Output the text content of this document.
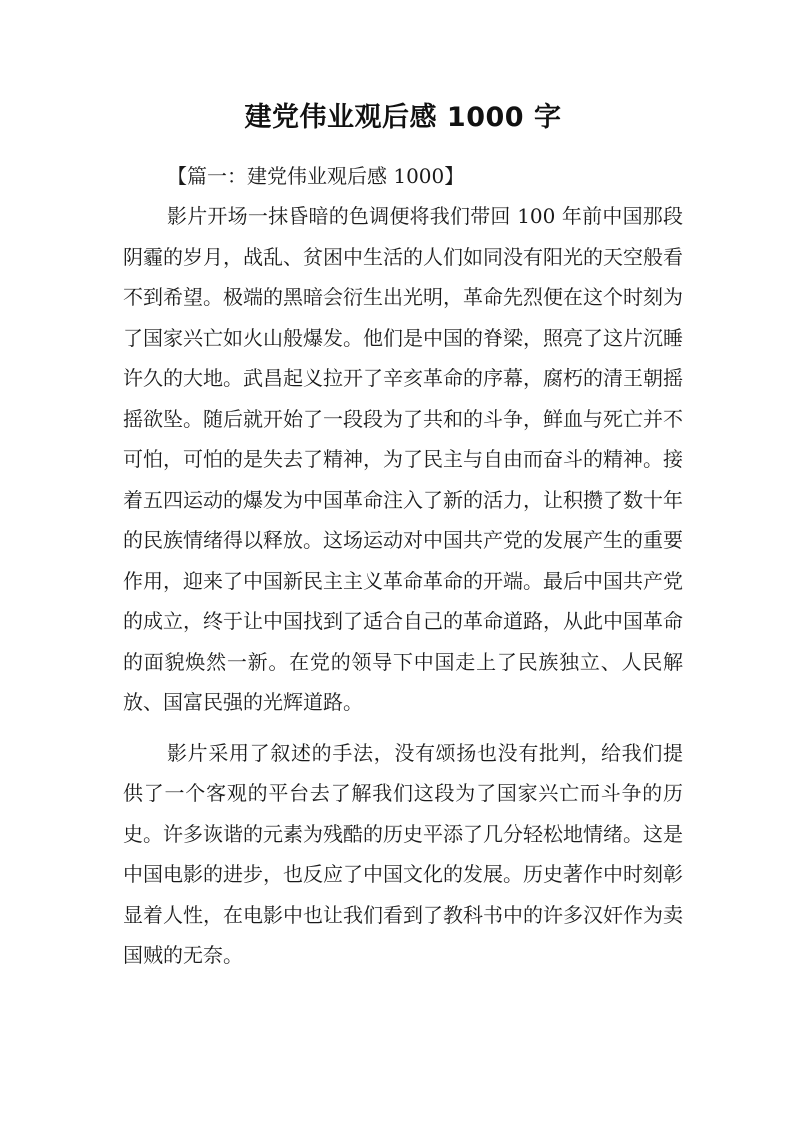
建党伟业观后感 1000 字

【篇一：建党伟业观后感 1000】

影片开场一抹昏暗的色调便将我们带回 100 年前中国那段阴霾的岁月，战乱、贫困中生活的人们如同没有阳光的天空般看不到希望。极端的黑暗会衍生出光明，革命先烈便在这个时刻为了国家兴亡如火山般爆发。他们是中国的脊梁，照亮了这片沉睡许久的大地。武昌起义拉开了辛亥革命的序幕，腐朽的清王朝摇摇欲坠。随后就开始了一段段为了共和的斗争，鲜血与死亡并不可怕，可怕的是失去了精神，为了民主与自由而奋斗的精神。接着五四运动的爆发为中国革命注入了新的活力，让积攒了数十年的民族情绪得以释放。这场运动对中国共产党的发展产生的重要作用，迎来了中国新民主主义革命革命的开端。最后中国共产党的成立，终于让中国找到了适合自己的革命道路，从此中国革命的面貌焕然一新。在党的领导下中国走上了民族独立、人民解放、国富民强的光辉道路。

影片采用了叙述的手法，没有颂扬也没有批判，给我们提供了一个客观的平台去了解我们这段为了国家兴亡而斗争的历史。许多诙谐的元素为残酷的历史平添了几分轻松地情绪。这是中国电影的进步，也反应了中国文化的发展。历史著作中时刻彰显着人性，在电影中也让我们看到了教科书中的许多汉奸作为卖国贼的无奈。
